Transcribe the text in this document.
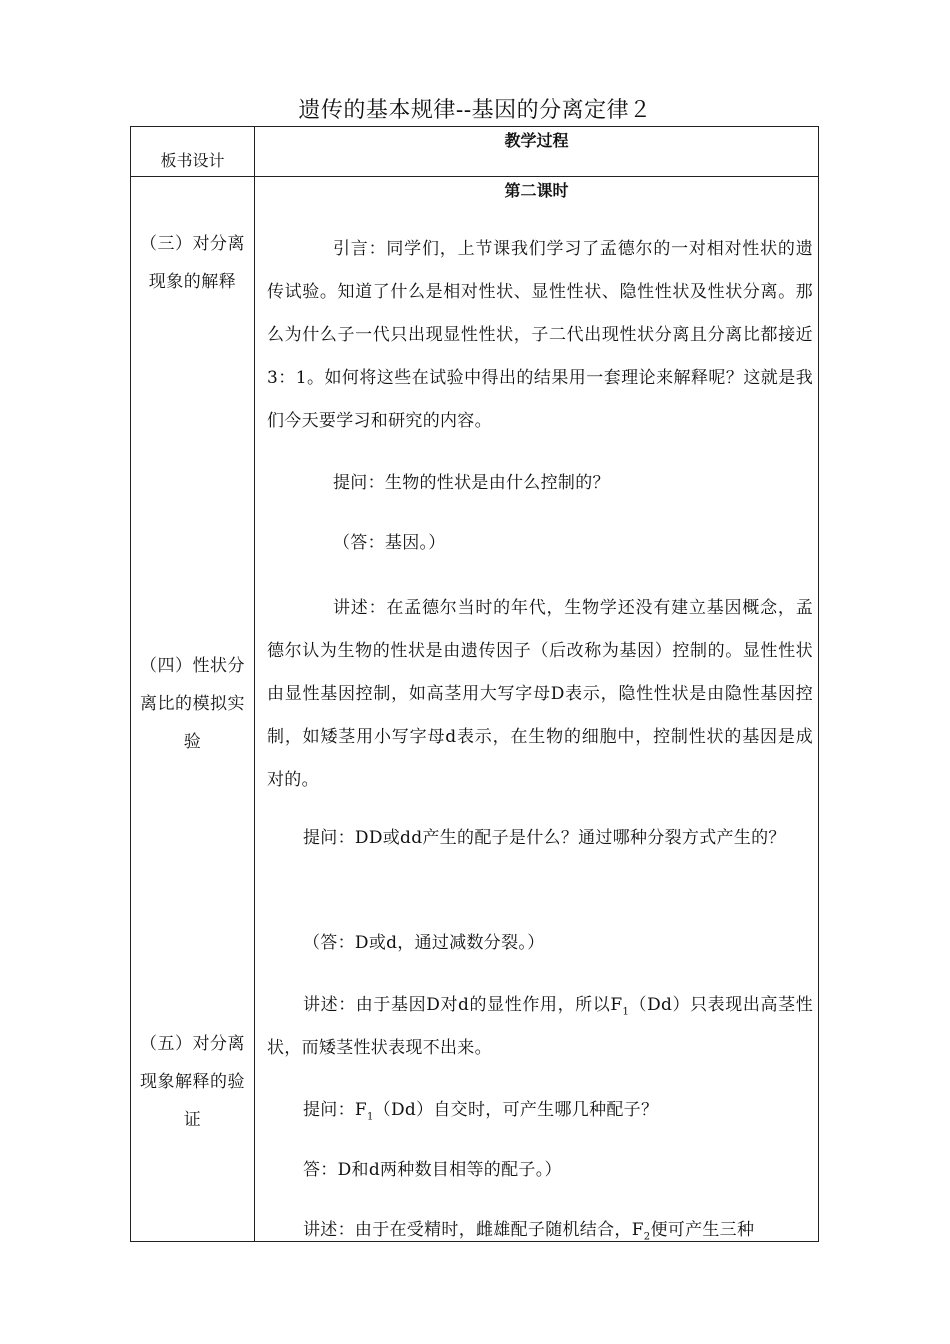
遗传的基本规律--基因的分离定律２
板书设计
教学过程
第二课时
（三）对分离现象的解释
（四）性状分离比的模拟实验
（五）对分离现象解释的验证
引言：同学们，上节课我们学习了孟德尔的一对相对性状的遗传试验。知道了什么是相对性状、显性性状、隐性性状及性状分离。那么为什么子一代只出现显性性状，子二代出现性状分离且分离比都接近3：1。如何将这些在试验中得出的结果用一套理论来解释呢？这就是我们今天要学习和研究的内容。
提问：生物的性状是由什么控制的？
（答：基因。）
讲述：在孟德尔当时的年代，生物学还没有建立基因概念，孟德尔认为生物的性状是由遗传因子（后改称为基因）控制的。显性性状由显性基因控制，如高茎用大写字母D表示，隐性性状是由隐性基因控制，如矮茎用小写字母d表示，在生物的细胞中，控制性状的基因是成对的。
提问：DD或dd产生的配子是什么？通过哪种分裂方式产生的？
（答：D或d，通过减数分裂。）
讲述：由于基因D对d的显性作用，所以$F_1(Dd)$只表现出高茎性状，而矮茎性状表现不出来。
提问：$F_1(Dd)$自交时，可产生哪几种配子？
答：D和d两种数目相等的配子。）
讲述：由于在受精时，雌雄配子随机结合，$F_2$便可产生三种
